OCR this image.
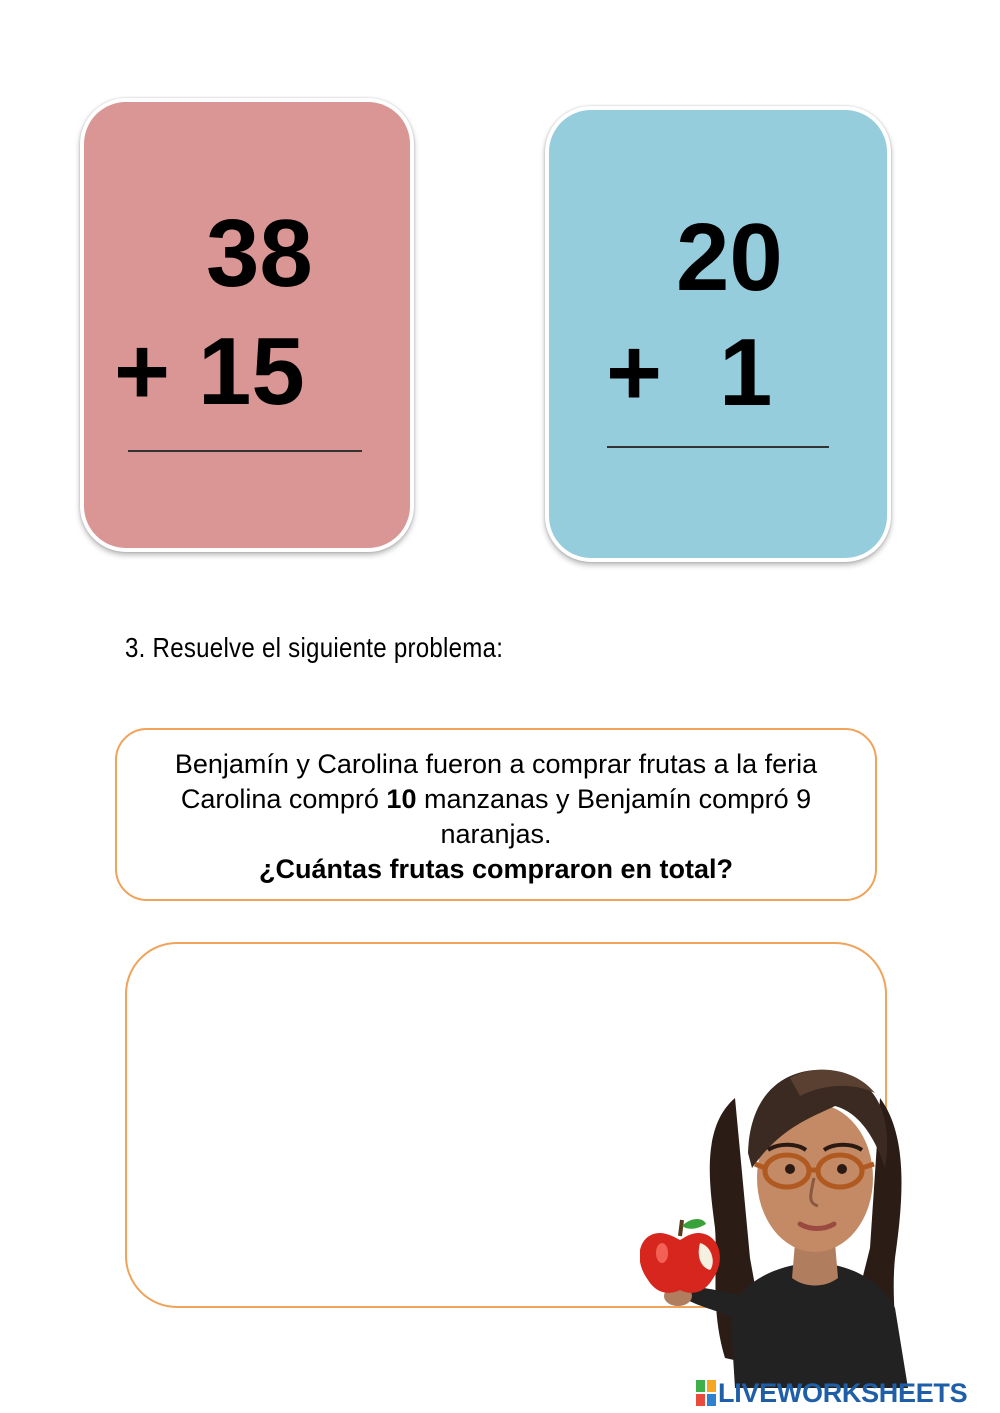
38
+ 15
20
+ 1
3. Resuelve el siguiente problema:
Benjamín y Carolina fueron a comprar frutas a la feria
Carolina compró 10 manzanas y Benjamín compró 9
naranjas.
¿Cuántas frutas compraron en total?
LIVEWORKSHEETS
